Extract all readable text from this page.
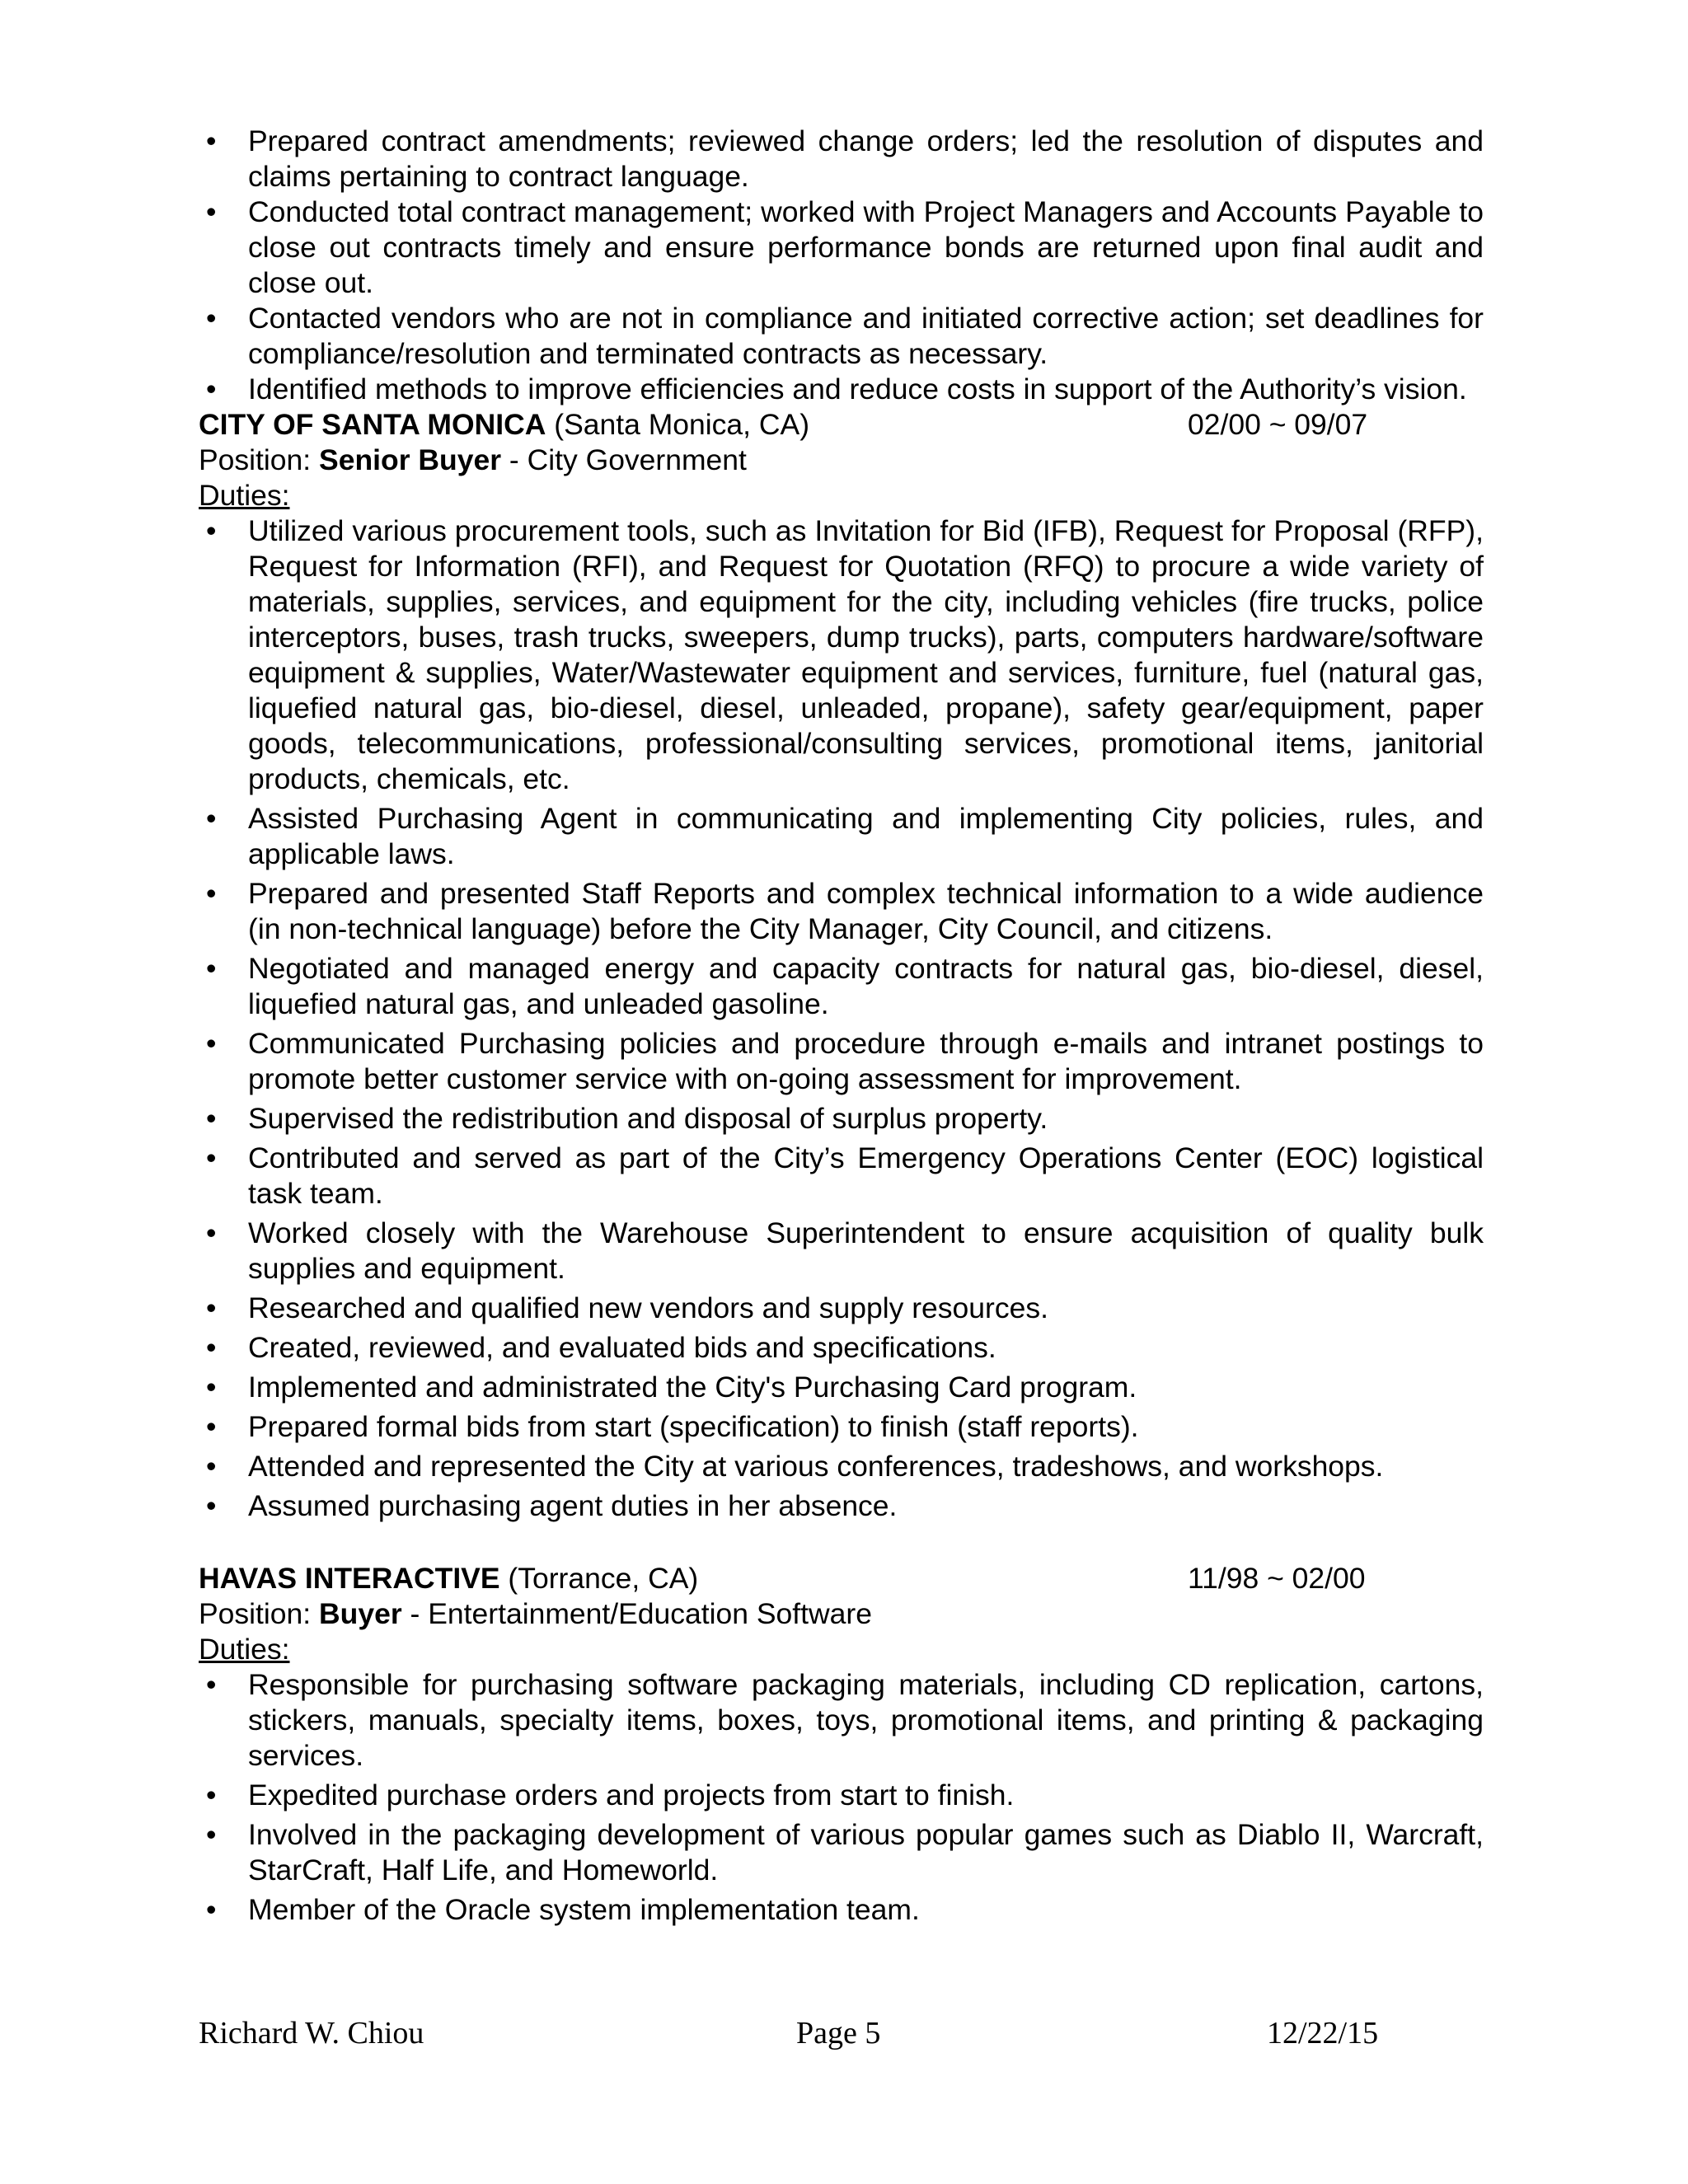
• Prepared contract amendments; reviewed change orders; led the resolution of disputes and claims pertaining to contract language.
• Conducted total contract management; worked with Project Managers and Accounts Payable to close out contracts timely and ensure performance bonds are returned upon final audit and close out.
• Contacted vendors who are not in compliance and initiated corrective action; set deadlines for compliance/resolution and terminated contracts as necessary.
• Identified methods to improve efficiencies and reduce costs in support of the Authority’s vision.
CITY OF SANTA MONICA (Santa Monica, CA)	02/00 ~ 09/07
Position: Senior Buyer - City Government
Duties:
• Utilized various procurement tools, such as Invitation for Bid (IFB), Request for Proposal (RFP), Request for Information (RFI), and Request for Quotation (RFQ) to procure a wide variety of materials, supplies, services, and equipment for the city, including vehicles (fire trucks, police interceptors, buses, trash trucks, sweepers, dump trucks), parts, computers hardware/software equipment & supplies, Water/Wastewater equipment and services, furniture, fuel (natural gas, liquefied natural gas, bio-diesel, diesel, unleaded, propane), safety gear/equipment, paper goods, telecommunications, professional/consulting services, promotional items, janitorial products, chemicals, etc.
• Assisted Purchasing Agent in communicating and implementing City policies, rules, and applicable laws.
• Prepared and presented Staff Reports and complex technical information to a wide audience (in non-technical language) before the City Manager, City Council, and citizens.
• Negotiated and managed energy and capacity contracts for natural gas, bio-diesel, diesel, liquefied natural gas, and unleaded gasoline.
• Communicated Purchasing policies and procedure through e-mails and intranet postings to promote better customer service with on-going assessment for improvement.
• Supervised the redistribution and disposal of surplus property.
• Contributed and served as part of the City’s Emergency Operations Center (EOC) logistical task team.
• Worked closely with the Warehouse Superintendent to ensure acquisition of quality bulk supplies and equipment.
• Researched and qualified new vendors and supply resources.
• Created, reviewed, and evaluated bids and specifications.
• Implemented and administrated the City's Purchasing Card program.
• Prepared formal bids from start (specification) to finish (staff reports).
• Attended and represented the City at various conferences, tradeshows, and workshops.
• Assumed purchasing agent duties in her absence.
HAVAS INTERACTIVE (Torrance, CA)	11/98 ~ 02/00
Position: Buyer - Entertainment/Education Software
Duties:
• Responsible for purchasing software packaging materials, including CD replication, cartons, stickers, manuals, specialty items, boxes, toys, promotional items, and printing & packaging services.
• Expedited purchase orders and projects from start to finish.
• Involved in the packaging development of various popular games such as Diablo II, Warcraft, StarCraft, Half Life, and Homeworld.
• Member of the Oracle system implementation team.
Richard W. Chiou	Page 5	12/22/15
